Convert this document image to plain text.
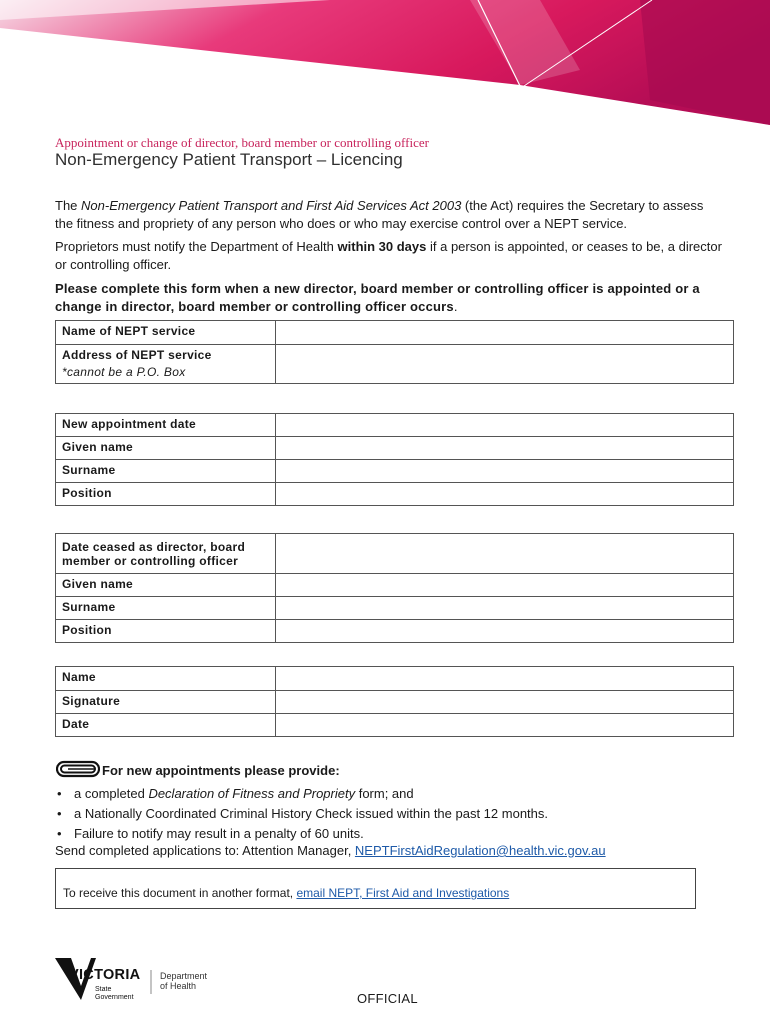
Appointment or change of director, board member or controlling officer
Non-Emergency Patient Transport – Licencing
The Non-Emergency Patient Transport and First Aid Services Act 2003 (the Act) requires the Secretary to assess the fitness and propriety of any person who does or who may exercise control over a NEPT service.
Proprietors must notify the Department of Health within 30 days if a person is appointed, or ceases to be, a director or controlling officer.
Please complete this form when a new director, board member or controlling officer is appointed or a change in director, board member or controlling officer occurs.
Name of NEPT service	
Address of NEPT service
*cannot be a P.O. Box	

New appointment date	
Given name	
Surname	
Position	
Date ceased as director, board member or controlling officer	
Given name	
Surname	
Position	
Name	
Signature	
Date	
For new appointments please provide:
• a completed Declaration of Fitness and Propriety form; and
• a Nationally Coordinated Criminal History Check issued within the past 12 months.
• Failure to notify may result in a penalty of 60 units.
Send completed applications to: Attention Manager, NEPTFirstAidRegulation@health.vic.gov.au
To receive this document in another format, email NEPT, First Aid and Investigations
VICTORIA
State
Government
Department
of Health
OFFICIAL
